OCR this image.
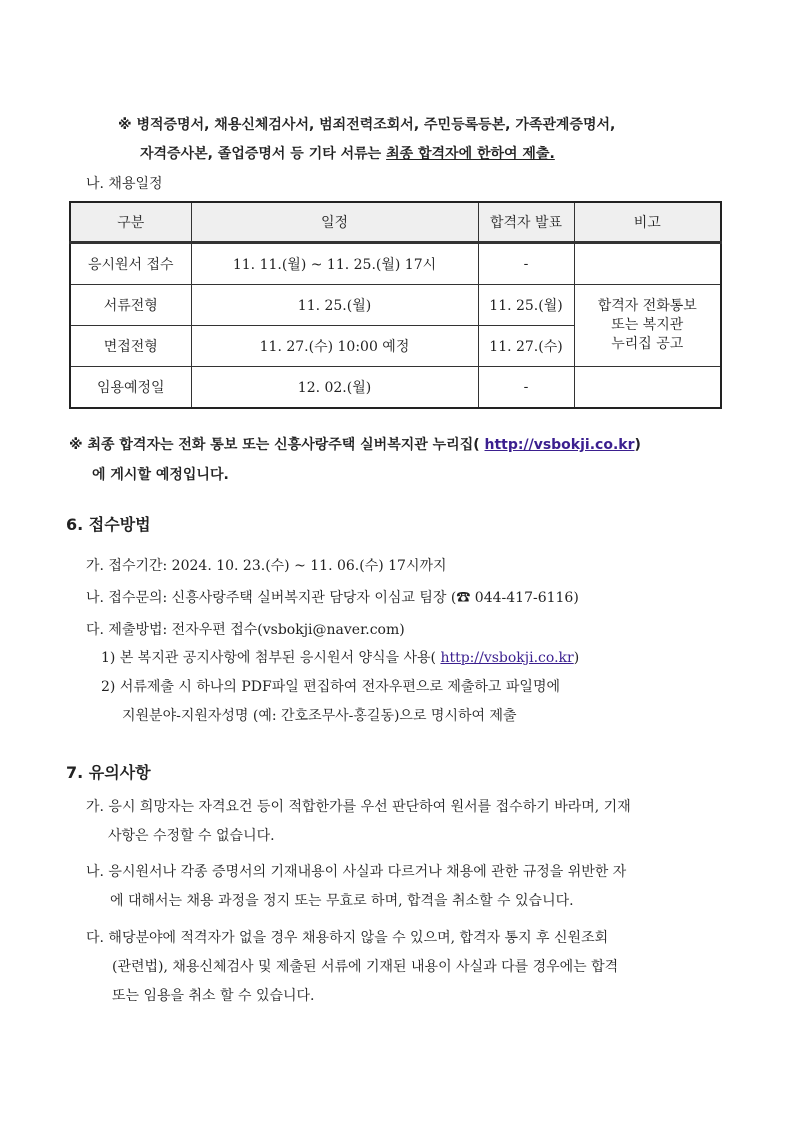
※ 병적증명서, 채용신체검사서, 범죄전력조회서, 주민등록등본, 가족관계증명서,
자격증사본, 졸업증명서 등 기타 서류는 최종 합격자에 한하여 제출.
나. 채용일정
구분	일정	합격자 발표	비고
응시원서 접수	11. 11.(월) ~ 11. 25.(월) 17시	-	
서류전형	11. 25.(월)	11. 25.(월)	합격자 전화통보
또는 복지관
누리집 공고

면접전형	11. 27.(수) 10:00 예정	11. 27.(수)	
임용예정일	12. 02.(월)	-	
※ 최종 합격자는 전화 통보 또는 신흥사랑주택 실버복지관 누리집( http://vsbokji.co.kr)
에 게시할 예정입니다.
6. 접수방법
가. 접수기간: 2024. 10. 23.(수) ~ 11. 06.(수) 17시까지
나. 접수문의: 신흥사랑주택 실버복지관 담당자 이심교 팀장 (☎ 044-417-6116)
다. 제출방법: 전자우편 접수(vsbokji@naver.com)
1) 본 복지관 공지사항에 첨부된 응시원서 양식을 사용( http://vsbokji.co.kr)
2) 서류제출 시 하나의 PDF파일 편집하여 전자우편으로 제출하고 파일명에
지원분야-지원자성명 (예: 간호조무사-홍길동)으로 명시하여 제출
7. 유의사항
가. 응시 희망자는 자격요건 등이 적합한가를 우선 판단하여 원서를 접수하기 바라며, 기재
사항은 수정할 수 없습니다.
나. 응시원서나 각종 증명서의 기재내용이 사실과 다르거나 채용에 관한 규정을 위반한 자
에 대해서는 채용 과정을 정지 또는 무효로 하며, 합격을 취소할 수 있습니다.
다. 해당분야에 적격자가 없을 경우 채용하지 않을 수 있으며, 합격자 통지 후 신원조회
(관련법), 채용신체검사 및 제출된 서류에 기재된 내용이 사실과 다를 경우에는 합격
또는 임용을 취소 할 수 있습니다.
